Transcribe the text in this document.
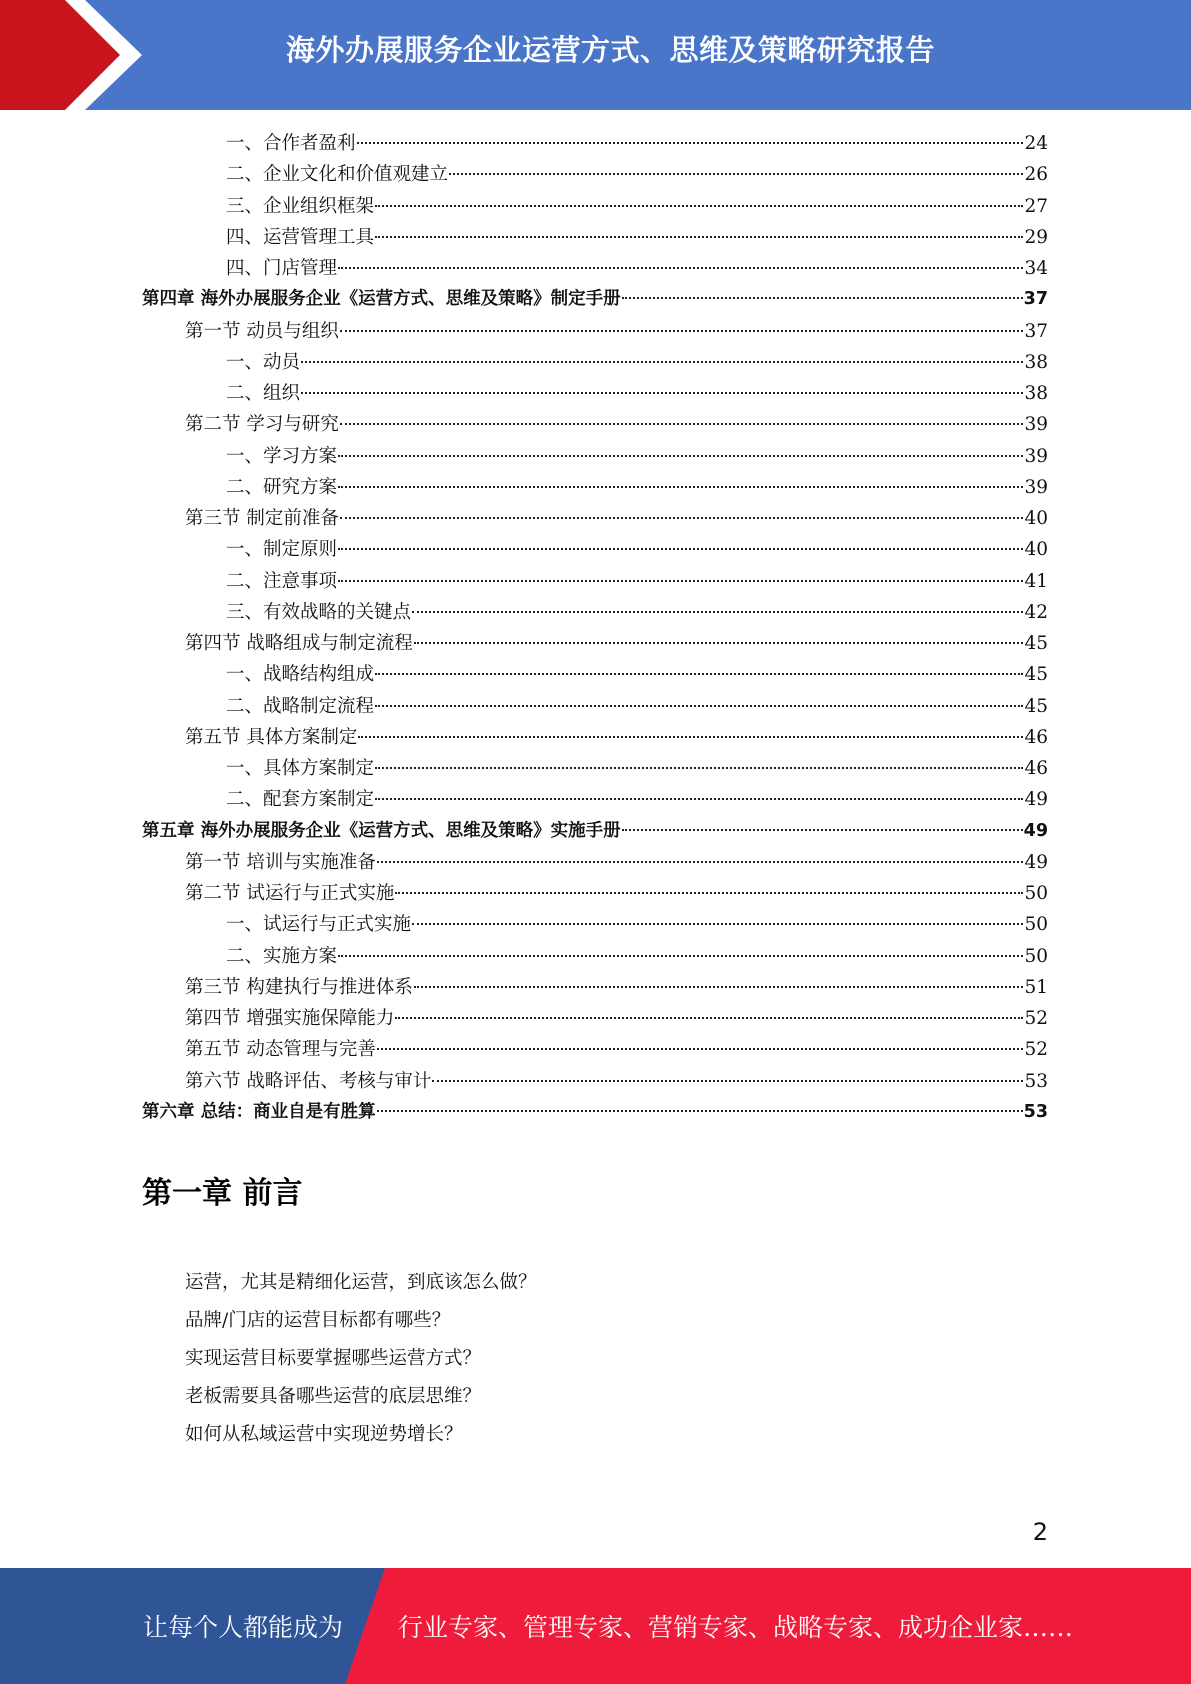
海外办展服务企业运营方式、思维及策略研究报告
一、合作者盈利	24
二、企业文化和价值观建立	26
三、企业组织框架	27
四、运营管理工具	29
四、门店管理	34
第四章 海外办展服务企业《运营方式、思维及策略》制定手册	37
第一节 动员与组织	37
一、动员	38
二、组织	38
第二节 学习与研究	39
一、学习方案	39
二、研究方案	39
第三节 制定前准备	40
一、制定原则	40
二、注意事项	41
三、有效战略的关键点	42
第四节 战略组成与制定流程	45
一、战略结构组成	45
二、战略制定流程	45
第五节 具体方案制定	46
一、具体方案制定	46
二、配套方案制定	49
第五章 海外办展服务企业《运营方式、思维及策略》实施手册	49
第一节 培训与实施准备	49
第二节 试运行与正式实施	50
一、试运行与正式实施	50
二、实施方案	50
第三节 构建执行与推进体系	51
第四节 增强实施保障能力	52
第五节 动态管理与完善	52
第六节 战略评估、考核与审计	53
第六章 总结：商业自是有胜算	53
第一章 前言
运营，尤其是精细化运营，到底该怎么做？
品牌/门店的运营目标都有哪些？
实现运营目标要掌握哪些运营方式？
老板需要具备哪些运营的底层思维？
如何从私域运营中实现逆势增长？
2
让每个人都能成为 行业专家、管理专家、营销专家、战略专家、成功企业家……
